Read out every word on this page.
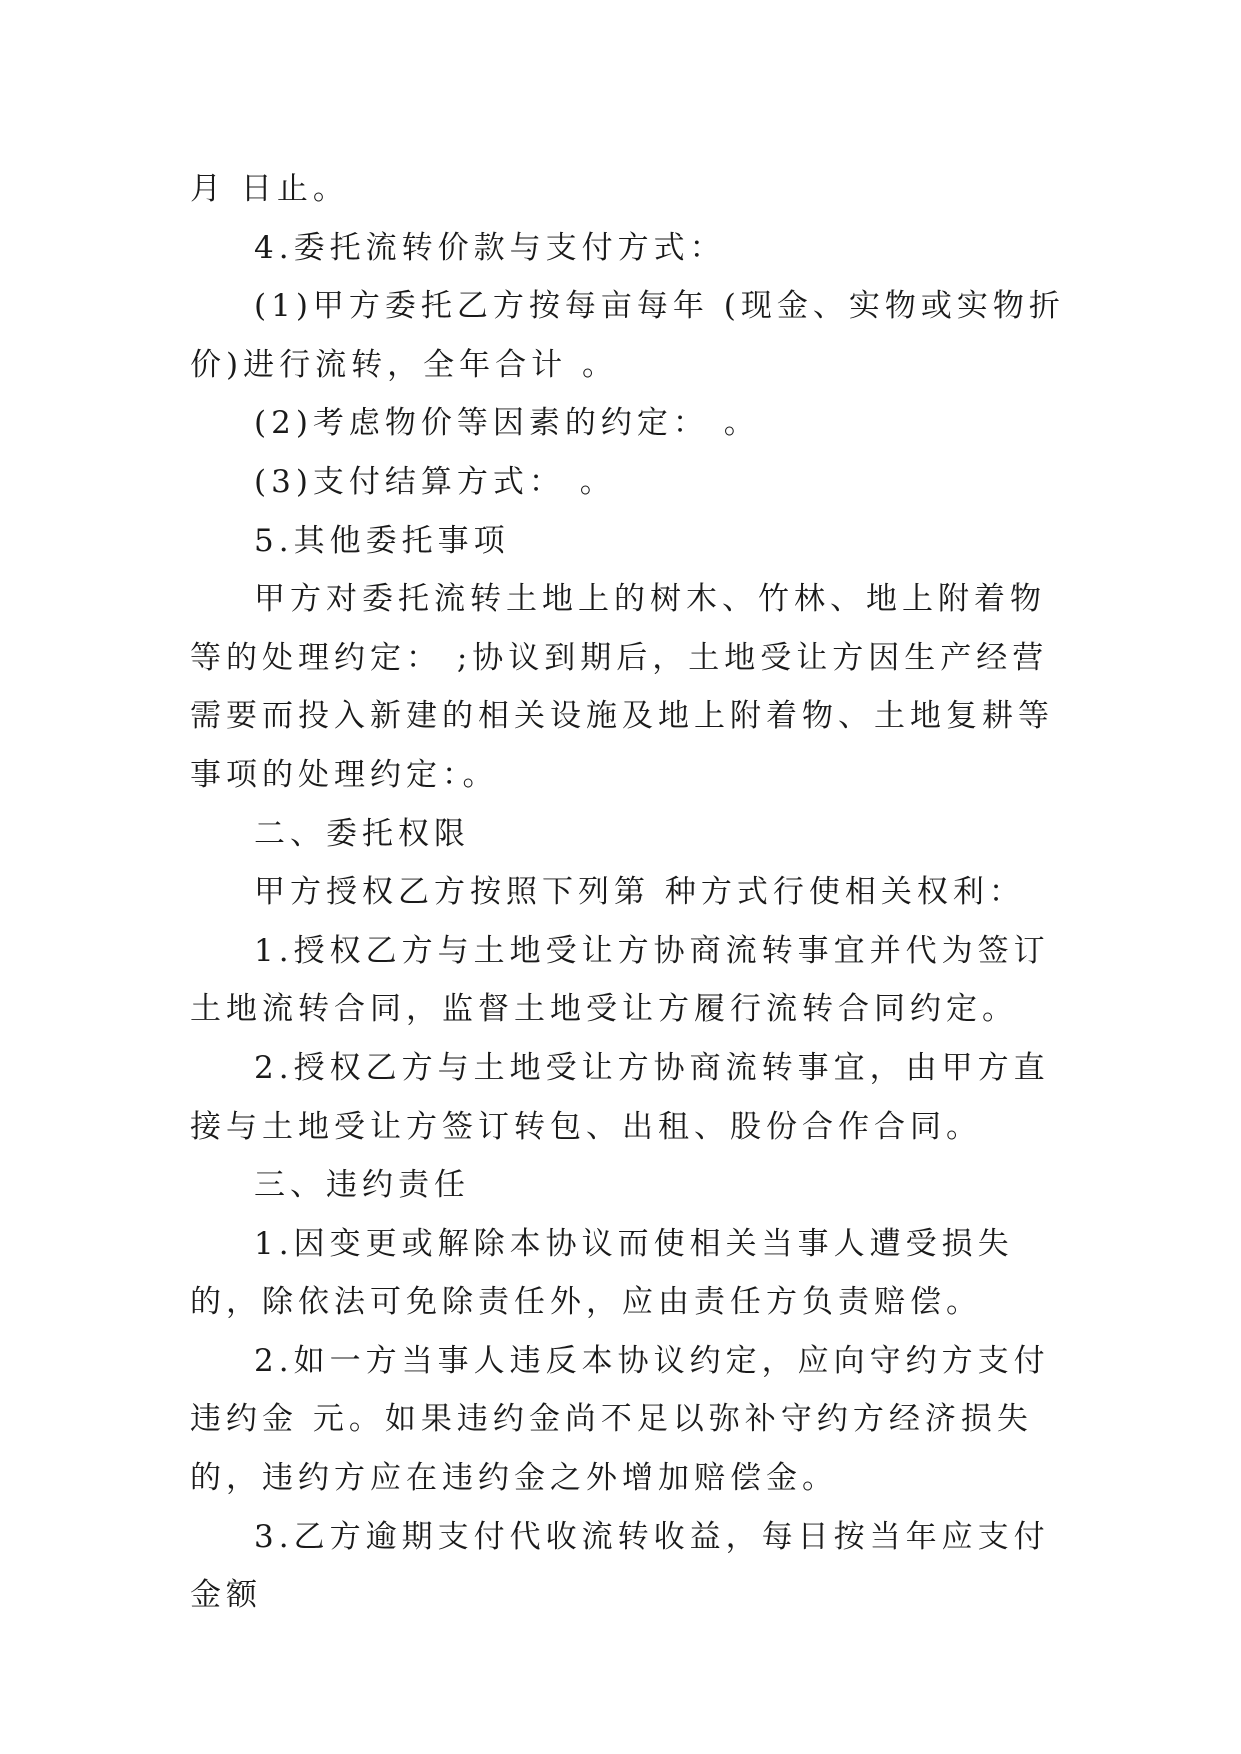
月 日止。

4.委托流转价款与支付方式：

(1)甲方委托乙方按每亩每年 (现金、实物或实物折价)进行流转，全年合计 。

(2)考虑物价等因素的约定： 。

(3)支付结算方式： 。

5.其他委托事项

甲方对委托流转土地上的树木、竹林、地上附着物等的处理约定： ;协议到期后，土地受让方因生产经营需要而投入新建的相关设施及地上附着物、土地复耕等事项的处理约定：。

二、委托权限

甲方授权乙方按照下列第 种方式行使相关权利：

1.授权乙方与土地受让方协商流转事宜并代为签订土地流转合同，监督土地受让方履行流转合同约定。

2.授权乙方与土地受让方协商流转事宜，由甲方直接与土地受让方签订转包、出租、股份合作合同。

三、违约责任

1.因变更或解除本协议而使相关当事人遭受损失的，除依法可免除责任外，应由责任方负责赔偿。

2.如一方当事人违反本协议约定，应向守约方支付违约金 元。如果违约金尚不足以弥补守约方经济损失的，违约方应在违约金之外增加赔偿金。

3.乙方逾期支付代收流转收益，每日按当年应支付金额
